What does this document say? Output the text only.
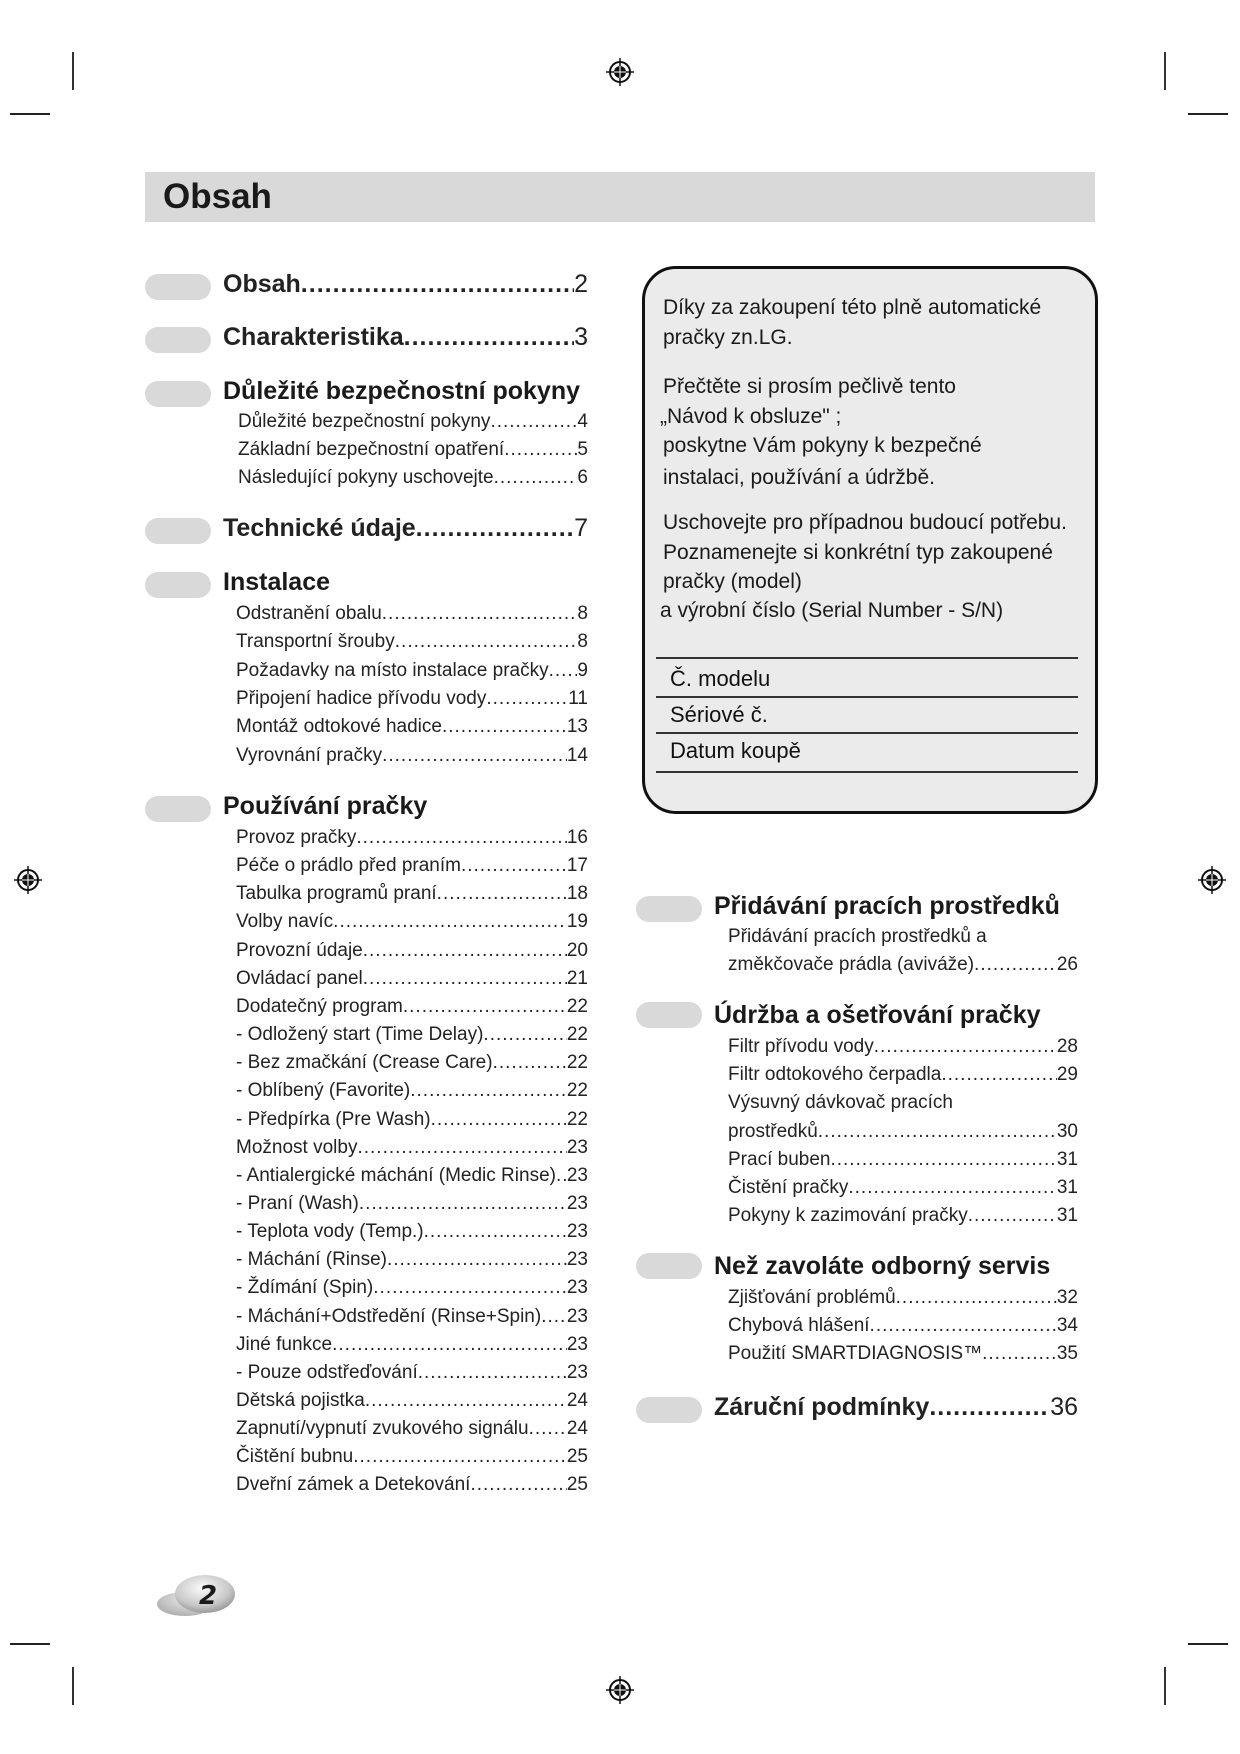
Obsah
Obsah .....	2
Charakteristika .....	3
Důležité bezpečnostní pokyny
Důležité bezpečnostní pokyny .....	4
Základní bezpečnostní opatření .....	5
Následující pokyny uschovejte .....	6
Technické údaje .....	7
Instalace
Odstranění obalu .....	8
Transportní šrouby .....	8
Požadavky na místo instalace pračky ..... 9
Připojení hadice přívodu vody .....	11
Montáž odtokové hadice .....	13
Vyrovnání pračky .....	14
Používání pračky
Provoz pračky .....	16
Péče o prádlo před praním .....	17
Tabulka programů praní .....	18
Volby navíc .....	19
Provozní údaje .....	20
Ovládací panel .....	21
Dodatečný program .....	22
- Odložený start (Time Delay) .....	22
- Bez zmačkání (Crease Care) .....	22
- Oblíbený (Favorite) .....	22
- Předpírka (Pre Wash) .....	22
Možnost volby .....	23
- Antialergické máchání (Medic Rinse) ..... 23
- Praní (Wash) .....	23
- Teplota vody (Temp.) .....	23
- Máchání (Rinse) .....	23
- Ždímání (Spin) .....	23
- Máchání+Odstředění (Rinse+Spin) ..... 23
Jiné funkce .....	23
- Pouze odstřeďování .....	23
Dětská pojistka .....	24
Zapnutí/vypnutí zvukového signálu ..... 24
Čištění bubnu .....	25
Dveřní zámek a Detekování .....	25
Díky za zakoupení této plně automatické
pračky zn.LG.
Přečtěte si prosím pečlivě tento
„Návod k obsluze" ;
poskytne Vám pokyny k bezpečné
instalaci, používání a údržbě.
Uschovejte pro případnou budoucí potřebu.
Poznamenejte si konkrétní typ zakoupené
pračky (model)
a výrobní číslo (Serial Number - S/N)
Č. modelu
Sériové č.
Datum koupě
Přidávání pracích prostředků
Přidávání pracích prostředků a
změkčovače prádla (aviváže) .....	26
Údržba a ošetřování pračky
Filtr přívodu vody .....	28
Filtr odtokového čerpadla .....	29
Výsuvný dávkovač pracích
prostředků .....	30
Prací buben .....	31
Čistění pračky .....	31
Pokyny k zazimování pračky .....	31
Než zavoláte odborný servis
Zjišťování problémů .....	32
Chybová hlášení .....	34
Použití SMARTDIAGNOSIS™ .....	35
Záruční podmínky .....	36
2
